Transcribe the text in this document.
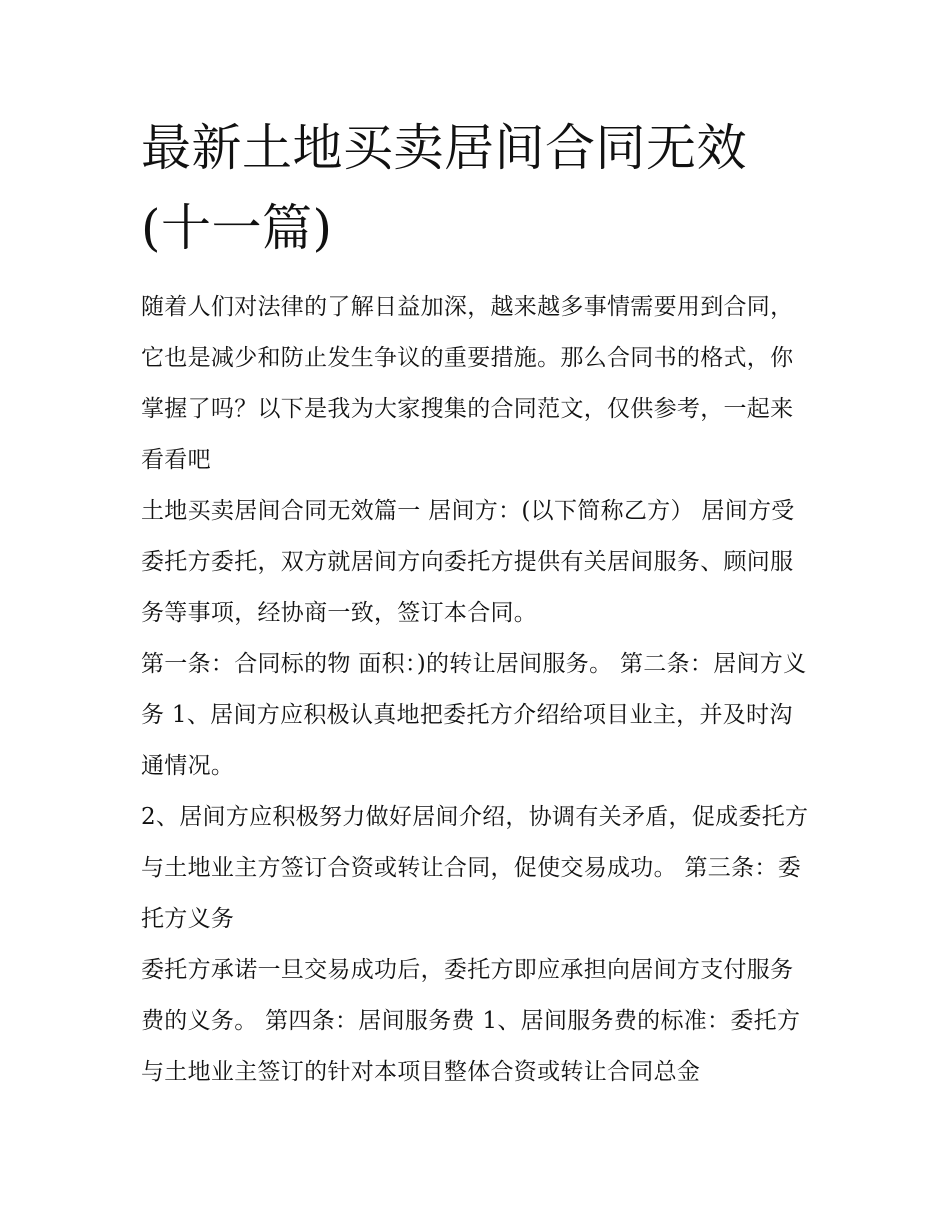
最新土地买卖居间合同无效(十一篇)

随着人们对法律的了解日益加深，越来越多事情需要用到合同，它也是减少和防止发生争议的重要措施。那么合同书的格式，你掌握了吗？以下是我为大家搜集的合同范文，仅供参考，一起来看看吧

土地买卖居间合同无效篇一 居间方：(以下简称乙方） 居间方受委托方委托，双方就居间方向委托方提供有关居间服务、顾问服务等事项，经协商一致，签订本合同。

第一条：合同标的物 面积：)的转让居间服务。 第二条：居间方义务 1、居间方应积极认真地把委托方介绍给项目业主，并及时沟通情况。

2、居间方应积极努力做好居间介绍，协调有关矛盾，促成委托方与土地业主方签订合资或转让合同，促使交易成功。 第三条：委托方义务

委托方承诺一旦交易成功后，委托方即应承担向居间方支付服务费的义务。 第四条：居间服务费 1、居间服务费的标准：委托方与土地业主签订的针对本项目整体合资或转让合同总金
